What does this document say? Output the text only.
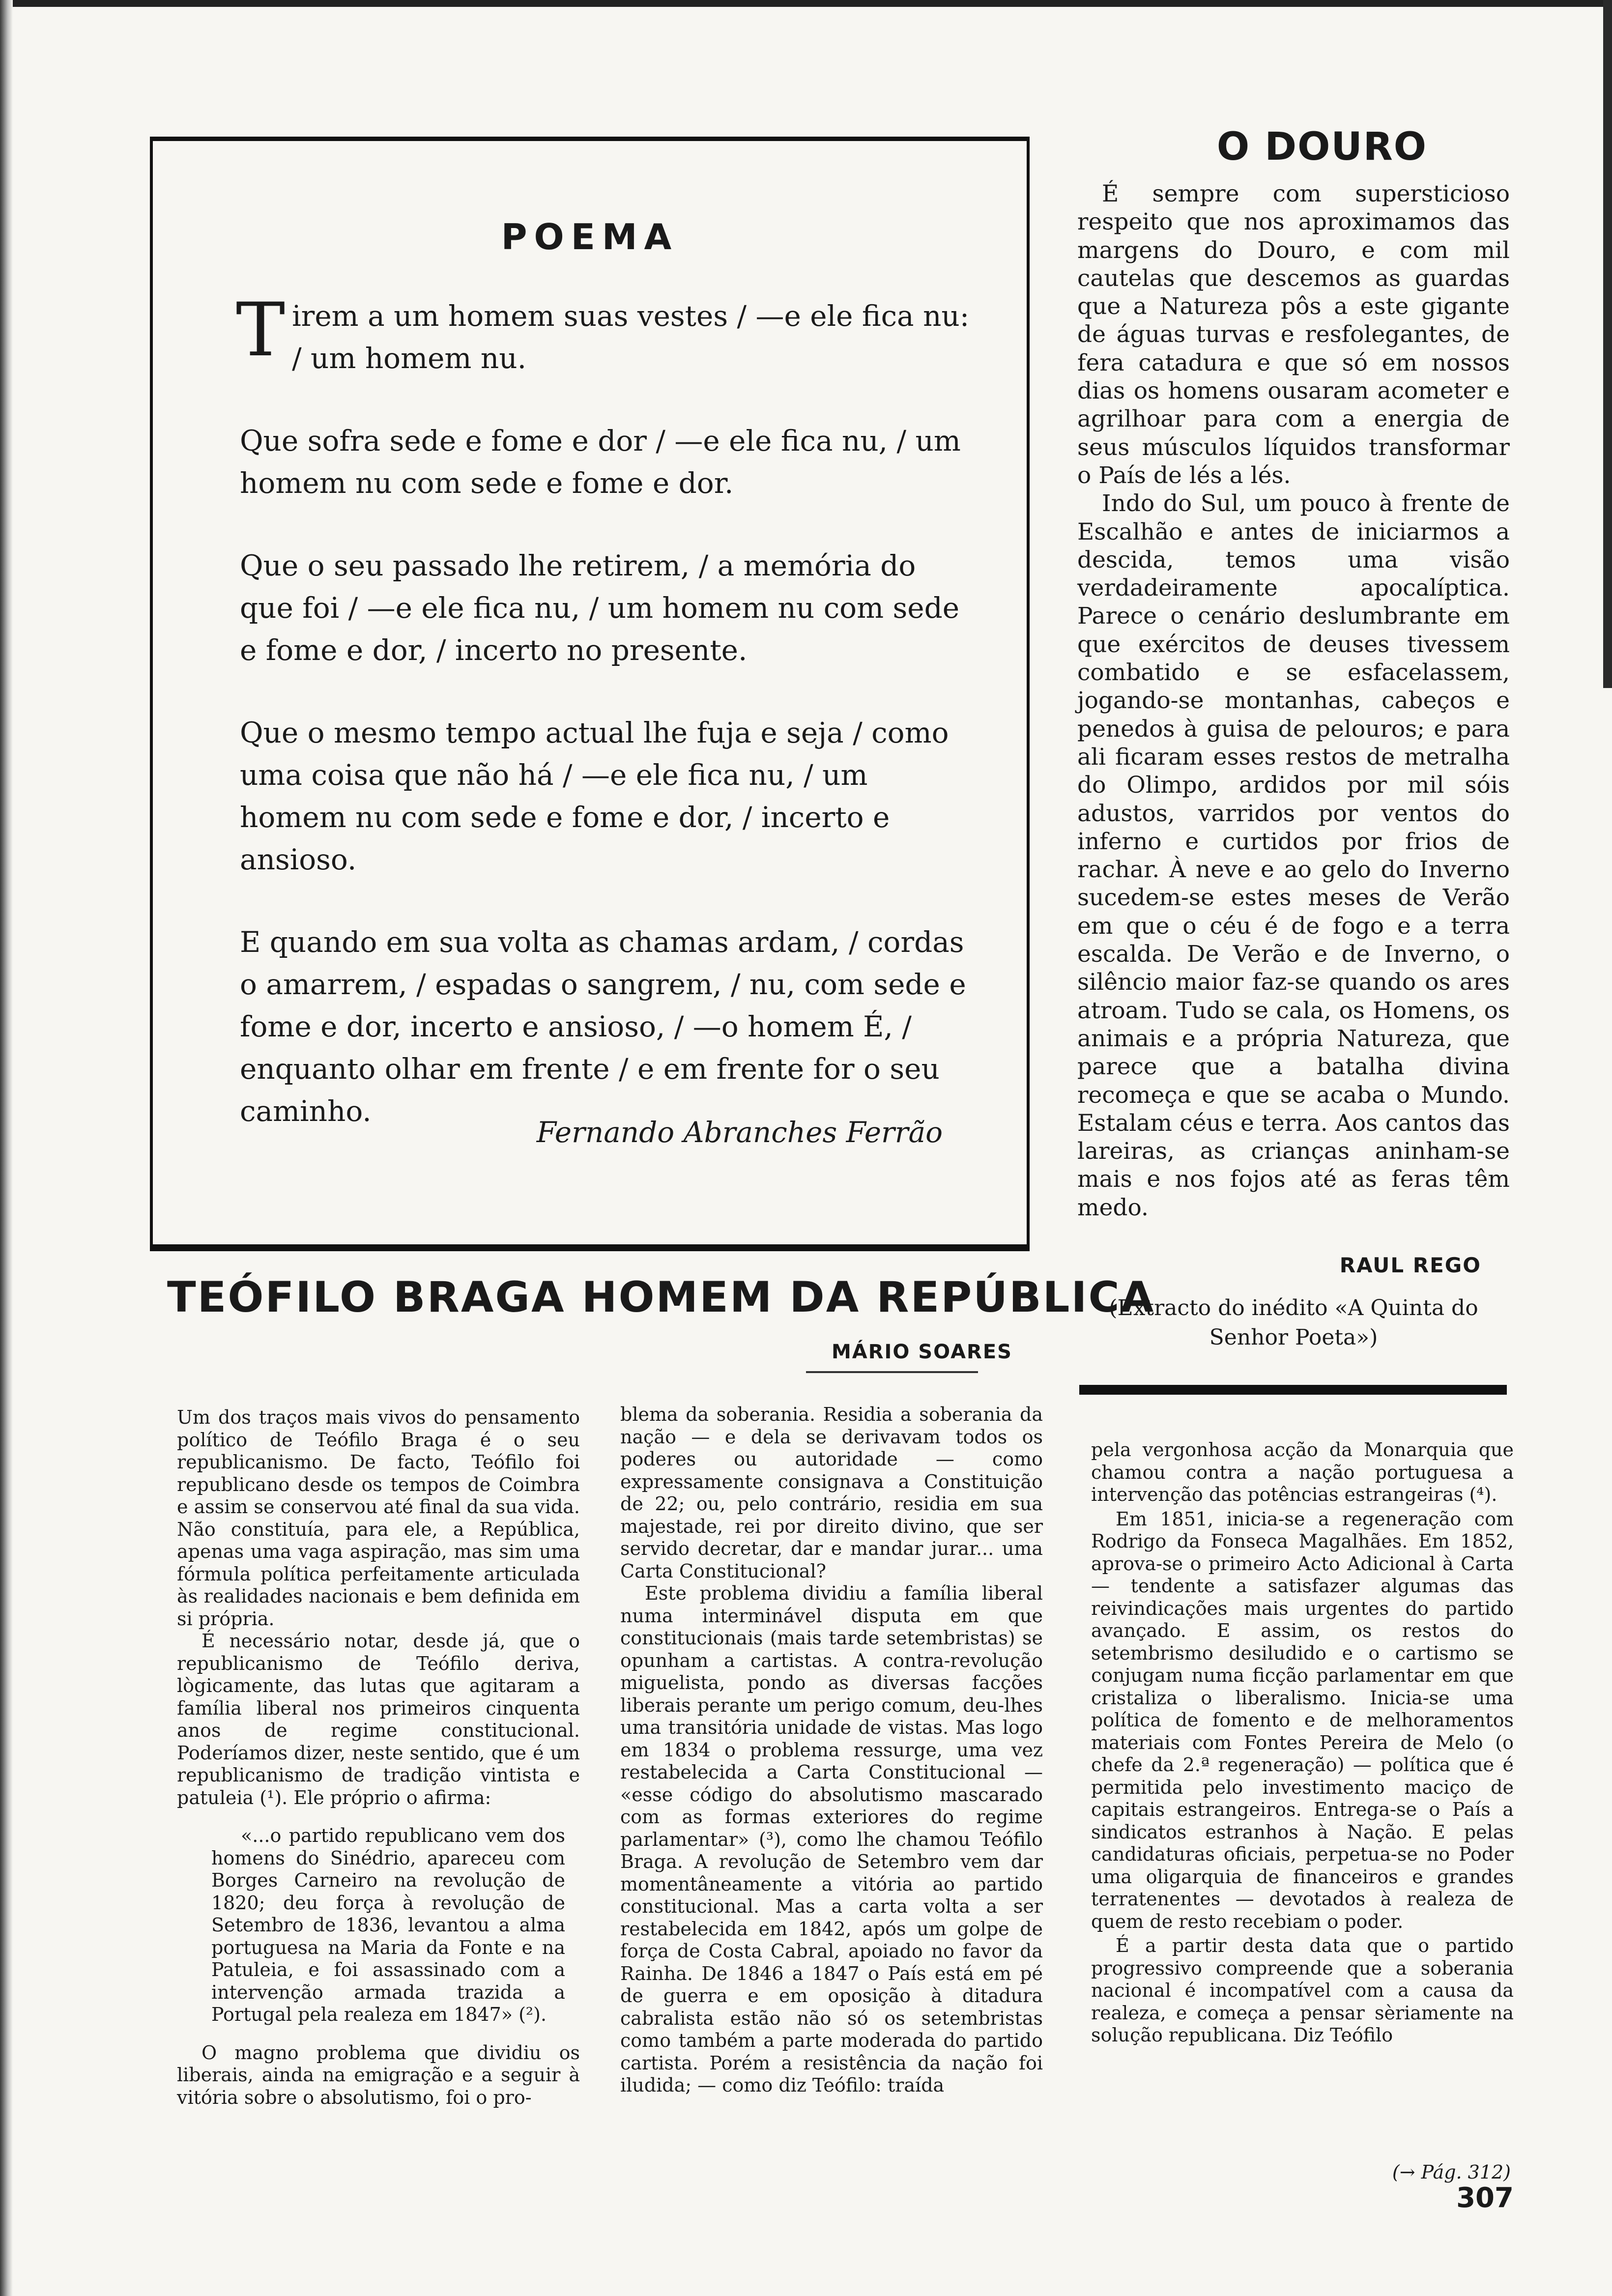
POEMA

Tirem a um homem suas vestes / —e ele fica nu: / um homem nu.

Que sofra sede e fome e dor / —e ele fica nu, / um homem nu com sede e fome e dor.

Que o seu passado lhe retirem, / a memória do que foi / —e ele fica nu, / um homem nu com sede e fome e dor, / incerto no presente.

Que o mesmo tempo actual lhe fuja e seja / como uma coisa que não há / —e ele fica nu, / um homem nu com sede e fome e dor, / incerto e ansioso.

E quando em sua volta as chamas ardam, / cordas o amarrem, / espadas o sangrem, / nu, com sede e fome e dor, incerto e ansioso, / —o homem É, / enquanto olhar em frente / e em frente for o seu caminho.

Fernando Abranches Ferrão
O DOURO

É sempre com supersticioso respeito que nos aproximamos das margens do Douro, e com mil cautelas que descemos as guardas que a Natureza pôs a este gigante de águas turvas e resfolegantes, de fera catadura e que só em nossos dias os homens ousaram acometer e agrilhoar para com a energia de seus músculos líquidos transformar o País de lés a lés.

Indo do Sul, um pouco à frente de Escalhão e antes de iniciarmos a descida, temos uma visão verdadeiramente apocalíptica. Parece o cenário deslumbrante em que exércitos de deuses tivessem combatido e se esfacelassem, jogando-se montanhas, cabeços e penedos à guisa de pelouros; e para ali ficaram esses restos de metralha do Olimpo, ardidos por mil sóis adustos, varridos por ventos do inferno e curtidos por frios de rachar. À neve e ao gelo do Inverno sucedem-se estes meses de Verão em que o céu é de fogo e a terra escalda. De Verão e de Inverno, o silêncio maior faz-se quando os ares atroam. Tudo se cala, os Homens, os animais e a própria Natureza, que parece que a batalha divina recomeça e que se acaba o Mundo. Estalam céus e terra. Aos cantos das lareiras, as crianças aninham-se mais e nos fojos até as feras têm medo.

RAUL REGO
(Extracto do inédito «A Quinta do Senhor Poeta»)
TEÓFILO BRAGA HOMEM DA REPÚBLICA
MÁRIO SOARES

Um dos traços mais vivos do pensamento político de Teófilo Braga é o seu republicanismo. De facto, Teófilo foi republicano desde os tempos de Coimbra e assim se conservou até final da sua vida. Não constituía, para ele, a República, apenas uma vaga aspiração, mas sim uma fórmula política perfeitamente articulada às realidades nacionais e bem definida em si própria.

É necessário notar, desde já, que o republicanismo de Teófilo deriva, lògicamente, das lutas que agitaram a família liberal nos primeiros cinquenta anos de regime constitucional. Poderíamos dizer, neste sentido, que é um republicanismo de tradição vintista e patuleia (¹). Ele próprio o afirma:

«...o partido republicano vem dos homens do Sinédrio, apareceu com Borges Carneiro na revolução de 1820; deu força à revolução de Setembro de 1836, levantou a alma portuguesa na Maria da Fonte e na Patuleia, e foi assassinado com a intervenção armada trazida a Portugal pela realeza em 1847» (²).

O magno problema que dividiu os liberais, ainda na emigração e a seguir à vitória sobre o absolutismo, foi o pro-

blema da soberania. Residia a soberania da nação — e dela se derivavam todos os poderes ou autoridade — como expressamente consignava a Constituição de 22; ou, pelo contrário, residia em sua majestade, rei por direito divino, que ser servido decretar, dar e mandar jurar... uma Carta Constitucional?

Este problema dividiu a família liberal numa interminável disputa em que constitucionais (mais tarde setembristas) se opunham a cartistas. A contra-revolução miguelista, pondo as diversas facções liberais perante um perigo comum, deu-lhes uma transitória unidade de vistas. Mas logo em 1834 o problema ressurge, uma vez restabelecida a Carta Constitucional — «esse código do absolutismo mascarado com as formas exteriores do regime parlamentar» (³), como lhe chamou Teófilo Braga. A revolução de Setembro vem dar momentâneamente a vitória ao partido constitucional. Mas a carta volta a ser restabelecida em 1842, após um golpe de força de Costa Cabral, apoiado no favor da Rainha. De 1846 a 1847 o País está em pé de guerra e em oposição à ditadura cabralista estão não só os setembristas como também a parte moderada do partido cartista. Porém a resistência da nação foi iludida; — como diz Teófilo: traída

pela vergonhosa acção da Monarquia que chamou contra a nação portuguesa a intervenção das potências estrangeiras (⁴).

Em 1851, inicia-se a regeneração com Rodrigo da Fonseca Magalhães. Em 1852, aprova-se o primeiro Acto Adicional à Carta — tendente a satisfazer algumas das reivindicações mais urgentes do partido avançado. E assim, os restos do setembrismo desiludido e o cartismo se conjugam numa ficção parlamentar em que cristaliza o liberalismo. Inicia-se uma política de fomento e de melhoramentos materiais com Fontes Pereira de Melo (o chefe da 2.ª regeneração) — política que é permitida pelo investimento maciço de capitais estrangeiros. Entrega-se o País a sindicatos estranhos à Nação. E pelas candidaturas oficiais, perpetua-se no Poder uma oligarquia de financeiros e grandes terratenentes — devotados à realeza de quem de resto recebiam o poder.

É a partir desta data que o partido progressivo compreende que a soberania nacional é incompatível com a causa da realeza, e começa a pensar sèriamente na solução republicana. Diz Teófilo

(→ Pág. 312)
307
